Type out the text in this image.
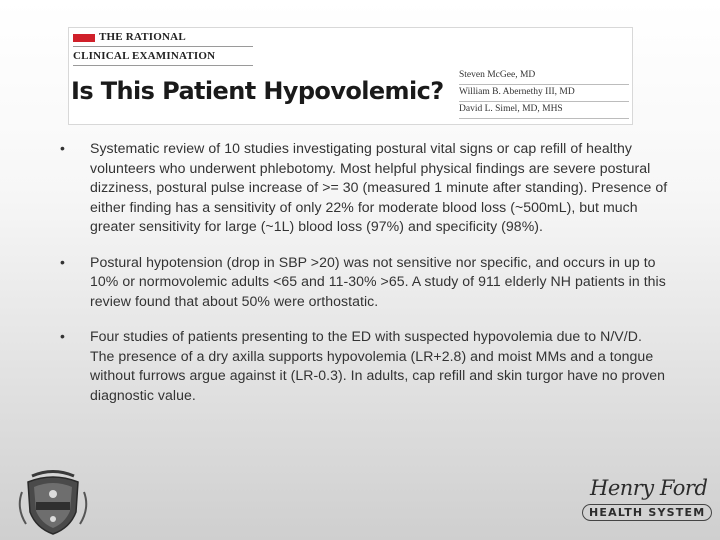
THE RATIONAL
CLINICAL EXAMINATION
Is This Patient Hypovolemic?
Steven McGee, MD
William B. Abernethy III, MD
David L. Simel, MD, MHS
•	Systematic review of 10 studies investigating postural vital signs or cap refill of healthy volunteers who underwent phlebotomy. Most helpful physical findings are severe postural dizziness, postural pulse increase of >= 30 (measured 1 minute after standing). Presence of either finding has a sensitivity of only 22% for moderate blood loss (~500mL), but much greater sensitivity for large (~1L) blood loss (97%) and specificity (98%).
•	Postural hypotension (drop in SBP >20) was not sensitive nor specific, and occurs in up to 10% or normovolemic adults <65 and 11-30% >65. A study of 911 elderly NH patients in this review found that about 50% were orthostatic.
•	Four studies of patients presenting to the ED with suspected hypovolemia due to N/V/D. The presence of a dry axilla supports hypovolemia (LR+2.8) and moist MMs and a tongue without furrows argue against it (LR-0.3). In adults, cap refill and skin turgor have no proven diagnostic value.
Henry Ford
HEALTH SYSTEM
